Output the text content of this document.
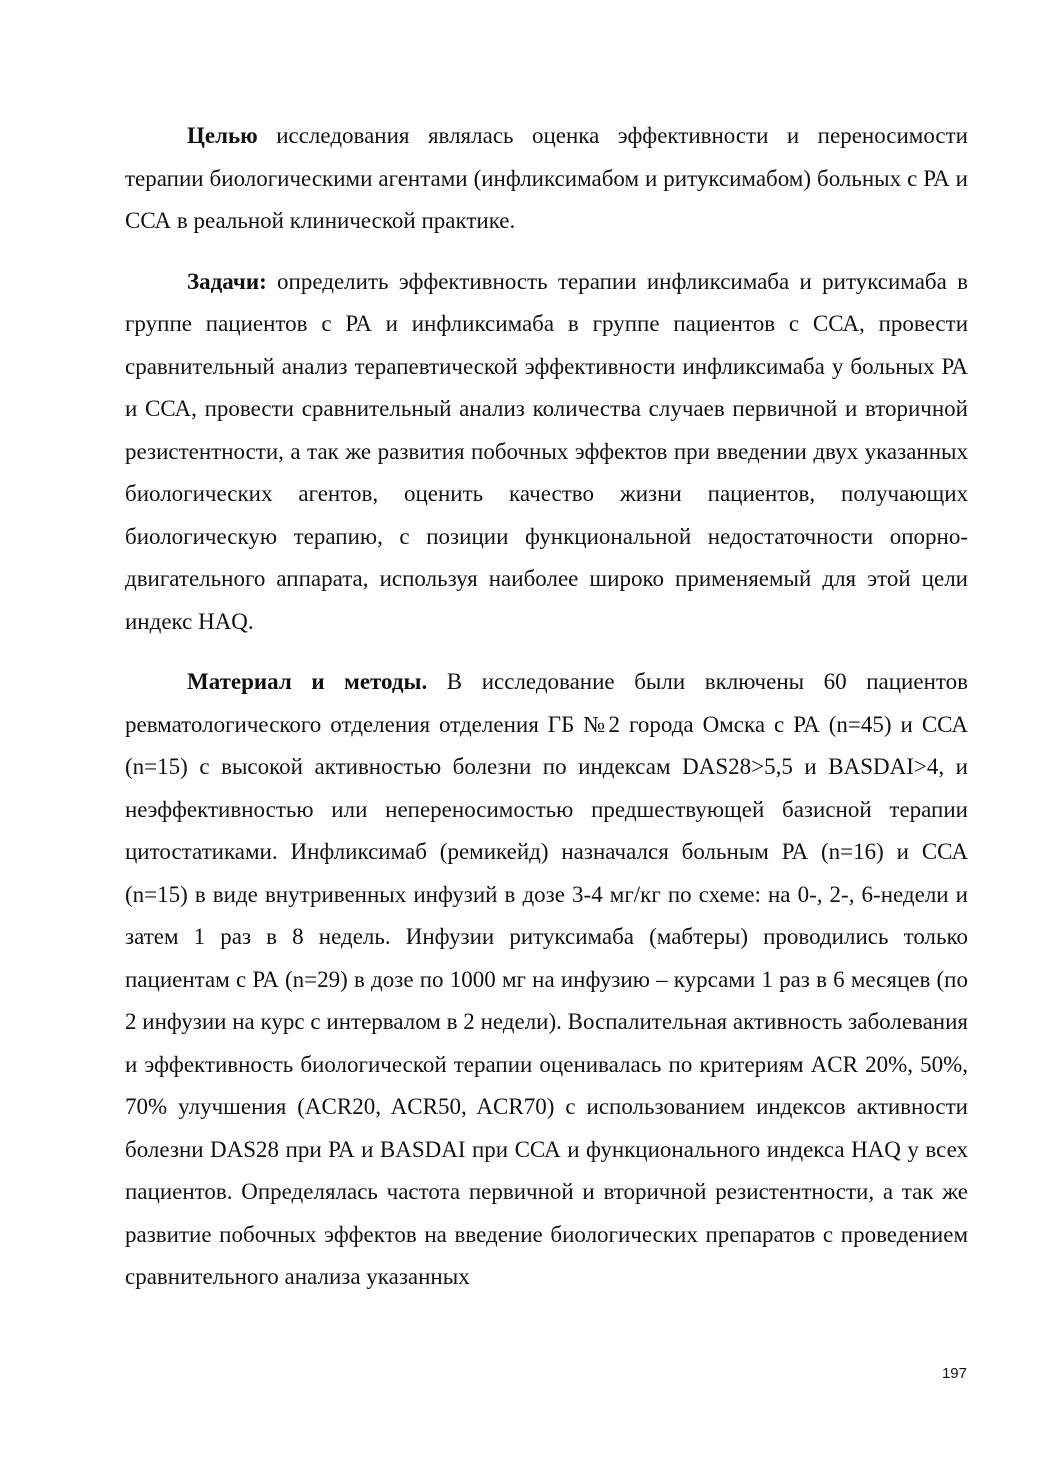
Целью исследования являлась оценка эффективности и переносимости терапии биологическими агентами (инфликсимабом и ритуксимабом) больных с РА и ССА в реальной клинической практике.

Задачи: определить эффективность терапии инфликсимаба и ритуксимаба в группе пациентов с РА и инфликсимаба в группе пациентов с ССА, провести сравнительный анализ терапевтической эффективности инфликсимаба у больных РА и ССА, провести сравнительный анализ количества случаев первичной и вторичной резистентности, а так же развития побочных эффектов при введении двух указанных биологических агентов, оценить качество жизни пациентов, получающих биологическую терапию, с позиции функциональной недостаточности опорно-двигательного аппарата, используя наиболее широко применяемый для этой цели индекс HAQ.

Материал и методы. В исследование были включены 60 пациентов ревматологического отделения отделения ГБ №2 города Омска с РА (n=45) и ССА (n=15) с высокой активностью болезни по индексам DAS28>5,5 и BASDAI>4, и неэффективностью или непереносимостью предшествующей базисной терапии цитостатиками. Инфликсимаб (ремикейд) назначался больным РА (n=16) и ССА (n=15) в виде внутривенных инфузий в дозе 3-4 мг/кг по схеме: на 0-, 2-, 6-недели и затем 1 раз в 8 недель. Инфузии ритуксимаба (мабтеры) проводились только пациентам с РА (n=29) в дозе по 1000 мг на инфузию – курсами 1 раз в 6 месяцев (по 2 инфузии на курс с интервалом в 2 недели). Воспалительная активность заболевания и эффективность биологической терапии оценивалась по критериям ACR 20%, 50%, 70% улучшения (ACR20, ACR50, ACR70) с использованием индексов активности болезни DAS28 при РА и BASDAI при ССА и функционального индекса HAQ у всех пациентов. Определялась частота первичной и вторичной резистентности, а так же развитие побочных эффектов на введение биологических препаратов с проведением сравнительного анализа указанных

197
